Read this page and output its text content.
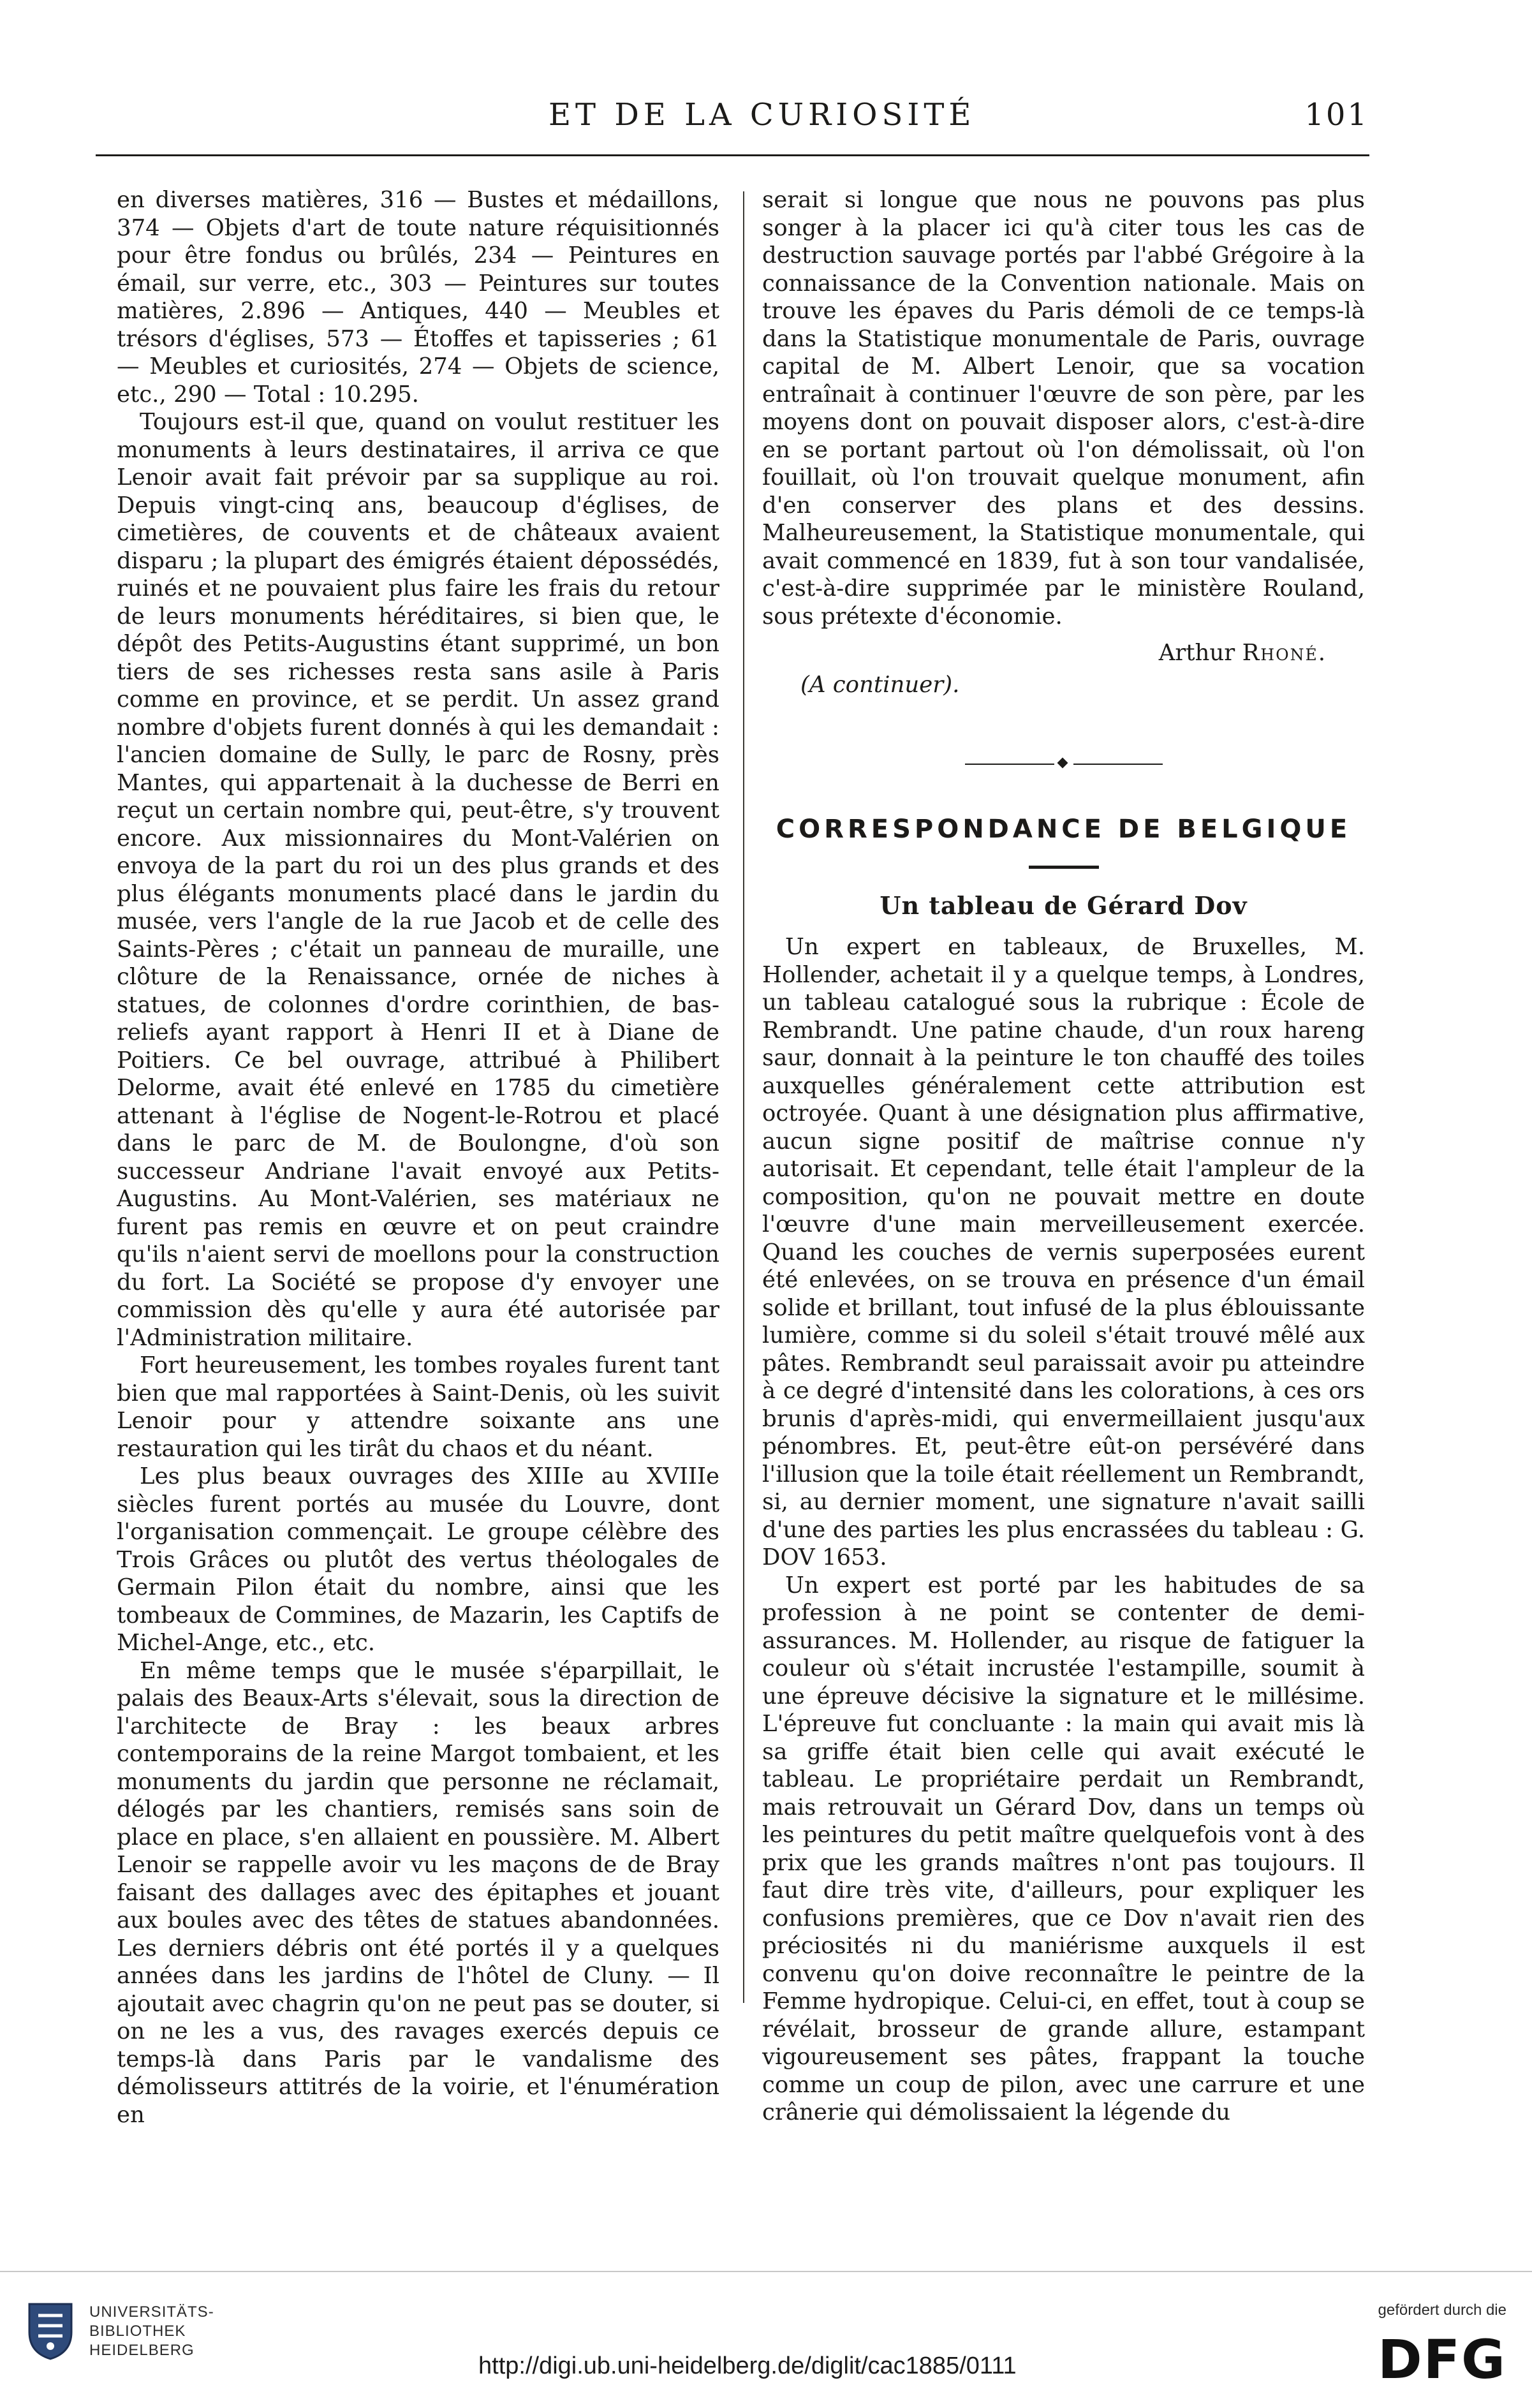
ET DE LA CURIOSITÉ	101

en diverses matières, 316 — Bustes et médaillons, 374 — Objets d'art de toute nature réquisitionnés pour être fondus ou brûlés, 234 — Peintures en émail, sur verre, etc., 303 — Peintures sur toutes matières, 2.896 — Antiques, 440 — Meubles et trésors d'églises, 573 — Étoffes et tapisseries ; 61 — Meubles et curiosités, 274 — Objets de science, etc., 290 — Total : 10.295.

Toujours est-il que, quand on voulut restituer les monuments à leurs destinataires, il arriva ce que Lenoir avait fait prévoir par sa supplique au roi. Depuis vingt-cinq ans, beaucoup d'églises, de cimetières, de couvents et de châteaux avaient disparu ; la plupart des émigrés étaient dépossédés, ruinés et ne pouvaient plus faire les frais du retour de leurs monuments héréditaires, si bien que, le dépôt des Petits-Augustins étant supprimé, un bon tiers de ses richesses resta sans asile à Paris comme en province, et se perdit. Un assez grand nombre d'objets furent donnés à qui les demandait : l'ancien domaine de Sully, le parc de Rosny, près Mantes, qui appartenait à la duchesse de Berri en reçut un certain nombre qui, peut-être, s'y trouvent encore. Aux missionnaires du Mont-Valérien on envoya de la part du roi un des plus grands et des plus élégants monuments placé dans le jardin du musée, vers l'angle de la rue Jacob et de celle des Saints-Pères ; c'était un panneau de muraille, une clôture de la Renaissance, ornée de niches à statues, de colonnes d'ordre corinthien, de bas-reliefs ayant rapport à Henri II et à Diane de Poitiers. Ce bel ouvrage, attribué à Philibert Delorme, avait été enlevé en 1785 du cimetière attenant à l'église de Nogent-le-Rotrou et placé dans le parc de M. de Boulongne, d'où son successeur Andriane l'avait envoyé aux Petits-Augustins. Au Mont-Valérien, ses matériaux ne furent pas remis en œuvre et on peut craindre qu'ils n'aient servi de moellons pour la construction du fort. La Société se propose d'y envoyer une commission dès qu'elle y aura été autorisée par l'Administration militaire.

Fort heureusement, les tombes royales furent tant bien que mal rapportées à Saint-Denis, où les suivit Lenoir pour y attendre soixante ans une restauration qui les tirât du chaos et du néant.

Les plus beaux ouvrages des XIIIe au XVIIIe siècles furent portés au musée du Louvre, dont l'organisation commençait. Le groupe célèbre des Trois Grâces ou plutôt des vertus théologales de Germain Pilon était du nombre, ainsi que les tombeaux de Commines, de Mazarin, les Captifs de Michel-Ange, etc., etc.

En même temps que le musée s'éparpillait, le palais des Beaux-Arts s'élevait, sous la direction de l'architecte de Bray : les beaux arbres contemporains de la reine Margot tombaient, et les monuments du jardin que personne ne réclamait, délogés par les chantiers, remisés sans soin de place en place, s'en allaient en poussière. M. Albert Lenoir se rappelle avoir vu les maçons de de Bray faisant des dallages avec des épitaphes et jouant aux boules avec des têtes de statues abandonnées. Les derniers débris ont été portés il y a quelques années dans les jardins de l'hôtel de Cluny. — Il ajoutait avec chagrin qu'on ne peut pas se douter, si on ne les a vus, des ravages exercés depuis ce temps-là dans Paris par le vandalisme des démolisseurs attitrés de la voirie, et l'énumération en

serait si longue que nous ne pouvons pas plus songer à la placer ici qu'à citer tous les cas de destruction sauvage portés par l'abbé Grégoire à la connaissance de la Convention nationale. Mais on trouve les épaves du Paris démoli de ce temps-là dans la Statistique monumentale de Paris, ouvrage capital de M. Albert Lenoir, que sa vocation entraînait à continuer l'œuvre de son père, par les moyens dont on pouvait disposer alors, c'est-à-dire en se portant partout où l'on démolissait, où l'on fouillait, où l'on trouvait quelque monument, afin d'en conserver des plans et des dessins. Malheureusement, la Statistique monumentale, qui avait commencé en 1839, fut à son tour vandalisée, c'est-à-dire supprimée par le ministère Rouland, sous prétexte d'économie.

Arthur Rhoné.
(A continuer).
CORRESPONDANCE DE BELGIQUE
Un tableau de Gérard Dov

Un expert en tableaux, de Bruxelles, M. Hollender, achetait il y a quelque temps, à Londres, un tableau catalogué sous la rubrique : École de Rembrandt. Une patine chaude, d'un roux hareng saur, donnait à la peinture le ton chauffé des toiles auxquelles généralement cette attribution est octroyée. Quant à une désignation plus affirmative, aucun signe positif de maîtrise connue n'y autorisait. Et cependant, telle était l'ampleur de la composition, qu'on ne pouvait mettre en doute l'œuvre d'une main merveilleusement exercée. Quand les couches de vernis superposées eurent été enlevées, on se trouva en présence d'un émail solide et brillant, tout infusé de la plus éblouissante lumière, comme si du soleil s'était trouvé mêlé aux pâtes. Rembrandt seul paraissait avoir pu atteindre à ce degré d'intensité dans les colorations, à ces ors brunis d'après-midi, qui envermeillaient jusqu'aux pénombres. Et, peut-être eût-on persévéré dans l'illusion que la toile était réellement un Rembrandt, si, au dernier moment, une signature n'avait sailli d'une des parties les plus encrassées du tableau : G. DOV 1653.

Un expert est porté par les habitudes de sa profession à ne point se contenter de demi-assurances. M. Hollender, au risque de fatiguer la couleur où s'était incrustée l'estampille, soumit à une épreuve décisive la signature et le millésime. L'épreuve fut concluante : la main qui avait mis là sa griffe était bien celle qui avait exécuté le tableau. Le propriétaire perdait un Rembrandt, mais retrouvait un Gérard Dov, dans un temps où les peintures du petit maître quelquefois vont à des prix que les grands maîtres n'ont pas toujours. Il faut dire très vite, d'ailleurs, pour expliquer les confusions premières, que ce Dov n'avait rien des préciosités ni du maniérisme auxquels il est convenu qu'on doive reconnaître le peintre de la Femme hydropique. Celui-ci, en effet, tout à coup se révélait, brosseur de grande allure, estampant vigoureusement ses pâtes, frappant la touche comme un coup de pilon, avec une carrure et une crânerie qui démolissaient la légende du

UNIVERSITÄTS-
BIBLIOTHEK
HEIDELBERG
http://digi.ub.uni-heidelberg.de/diglit/cac1885/0111
gefördert durch die
DFG
